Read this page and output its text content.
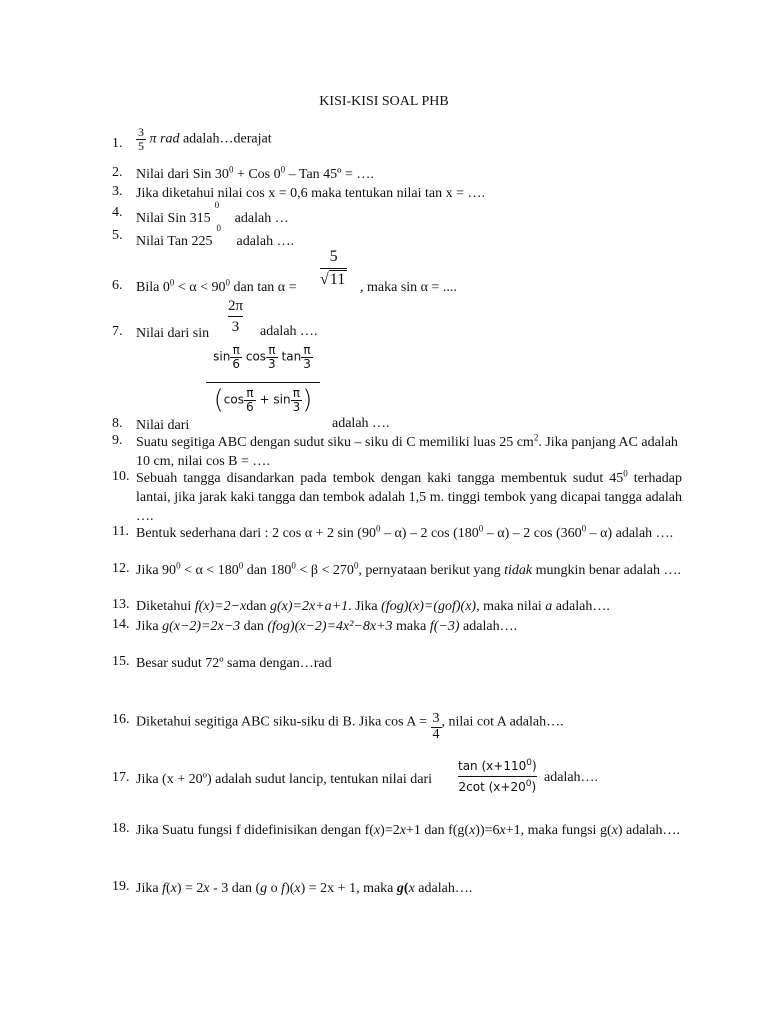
KISI-KISI SOAL PHB
1.	$\frac{3}{5}$ π rad adalah…derajat
2. Nilai dari Sin $30^0$ + Cos $0^0$ – Tan 45º = ….
3. Jika diketahui nilai cos x = 0,6 maka tentukan nilai tan x = ….
4. Nilai Sin $315^0$ adalah …
5. Nilai Tan $225^0$ adalah ….
6. Bila $0^0 < \alpha < 90^0$ dan tan α =
5
√11 , maka sin α = ....
7. Nilai dari sin
2π
3 adalah ….
8. Nilai dari
$\frac{\sin \frac{\pi}{6} \cos \frac{\pi}{3} \tan \frac{\pi}{3}}{(\cos \frac{\pi}{6} + \sin \frac{\pi}{3} )}$
adalah ….
9. Suatu segitiga ABC dengan sudut siku – siku di C memiliki luas 25 $cm^2$. Jika panjang AC adalah 10 cm, nilai cos B = ….
10. Sebuah tangga disandarkan pada tembok dengan kaki tangga membentuk sudut $45^0$ terhadap lantai, jika jarak kaki tangga dan tembok adalah 1,5 m. tinggi tembok yang dicapai tangga adalah ….
11. Bentuk sederhana dari : 2 cos α + 2 $\sin (90^0 - \alpha) - 2$ $\cos (180^0 - \alpha) - 2$ $\cos (360^0 - \alpha)$ adalah ….
12. Jika $90^0 < \alpha < 180^0$ dan $180^0 < \beta < 270^0$, pernyataan berikut yang tidak mungkin benar adalah ….
13. Diketahui f(x)=2−xdan g(x)=2x+a+1. Jika (fog)(x)=(gof)(x), maka nilai a adalah….
14. Jika g(x−2)=2x−3 dan (fog)(x−2)=4x²−8x+3 maka f(−3) adalah….
15. Besar sudut 72º sama dengan…rad
16. Diketahui segitiga ABC siku-siku di B. Jika $\cos A = \frac{3}{4}$ , nilai cot A adalah….
17. Jika (x + 20º) adalah sudut lancip, tentukan nilai dari
$\tan (x+110^0)$
2cot $(x+20^0)$
adalah….
18. Jika Suatu fungsi f didefinisikan dengan f(x)=2x+1 dan f(g(x))=6x+1, maka fungsi g(x) adalah….
19. Jika f(x) = 2x - 3 dan (g o f)(x) = 2x + 1, maka g(x adalah….
